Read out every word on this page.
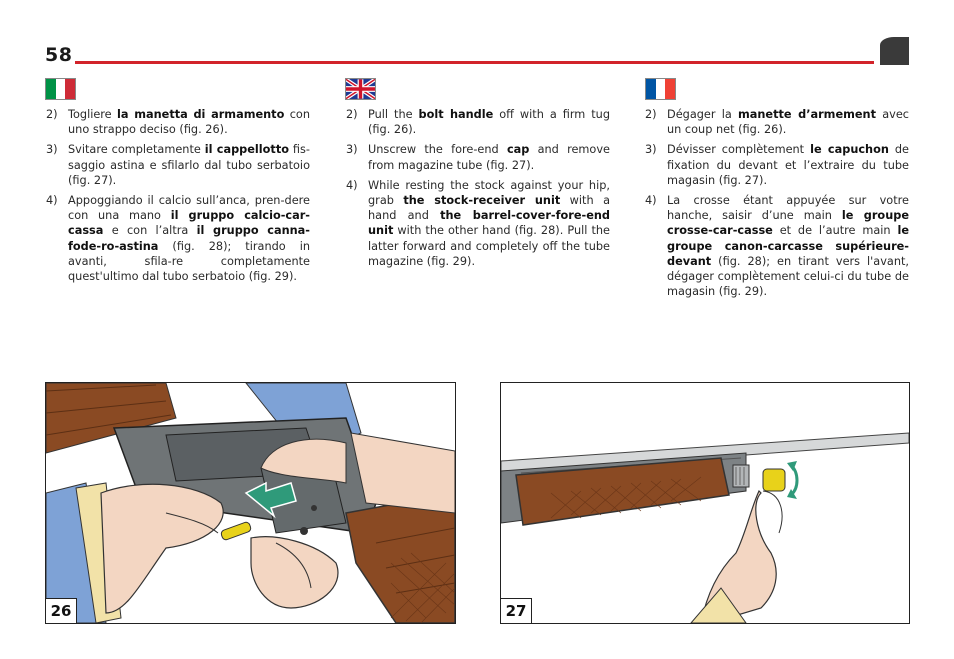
58
2) Togliere la manetta di armamento con uno strappo deciso (fig. 26).
3) Svitare completamente il cappellotto fis-saggio astina e sfilarlo dal tubo serbatoio (fig. 27).
4) Appoggiando il calcio sull’anca, pren-dere con una mano il gruppo calcio-car-cassa e con l’altra il gruppo canna-fode-ro-astina (fig. 28); tirando in avanti, sfila-re completamente quest'ultimo dal tubo serbatoio (fig. 29).
2) Pull the bolt handle off with a firm tug (fig. 26).
3) Unscrew the fore-end cap and remove from magazine tube (fig. 27).
4) While resting the stock against your hip, grab the stock-receiver unit with a hand and the barrel-cover-fore-end unit with the other hand (fig. 28). Pull the latter forward and completely off the tube magazine (fig. 29).
2) Dégager la manette d’armement avec un coup net (fig. 26).
3) Dévisser complètement le capuchon de fixation du devant et l’extraire du tube magasin (fig. 27).
4) La crosse étant appuyée sur votre hanche, saisir d’une main le groupe crosse-car-casse et de l’autre main le groupe canon-carcasse supérieure-devant (fig. 28); en tirant vers l'avant, dégager complètement celui-ci du tube de magasin (fig. 29).
26	27
